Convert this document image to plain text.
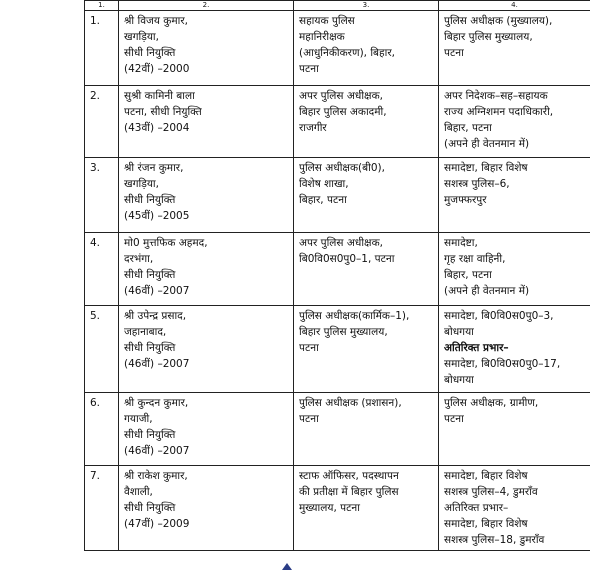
1.	2.	3.	4.
1.	श्री विजय कुमार,
खगड़िया,
सीधी नियुक्ति
(42वीं) –2000	सहायक पुलिस
महानिरीक्षक
(आधुनिकीकरण), बिहार,
पटना	पुलिस अधीक्षक (मुख्यालय),
बिहार पुलिस मुख्यालय,
पटना

2.	सुश्री कामिनी बाला
पटना, सीधी नियुक्ति
(43वीं) –2004	अपर पुलिस अधीक्षक,
बिहार पुलिस अकादमी,
राजगीर	अपर निदेशक–सह–सहायक
राज्य अग्निशमन पदाधिकारी,
बिहार, पटना
(अपने ही वेतनमान में)

3.	श्री रंजन कुमार,
खगड़िया,
सीधी नियुक्ति
(45वीं) –2005	पुलिस अधीक्षक(बी0),
विशेष शाखा,
बिहार, पटना	समादेष्टा, बिहार विशेष
सशस्त्र पुलिस–6,
मुजफ्फरपुर

4.	मो0 मुत्तफिक अहमद,
दरभंगा,
सीधी नियुक्ति
(46वीं) –2007	अपर पुलिस अधीक्षक,
बि0वि0स0पु0–1, पटना	समादेष्टा,
गृह रक्षा वाहिनी,
बिहार, पटना
(अपने ही वेतनमान में)

5.	श्री उपेन्द्र प्रसाद,
जहानाबाद,
सीधी नियुक्ति
(46वीं) –2007	पुलिस अधीक्षक(कार्मिक–1),
बिहार पुलिस मुख्यालय,
पटना	समादेष्टा, बि0वि0स0पु0–3,
बोधगया
अतिरिक्त प्रभार–
समादेष्टा, बि0वि0स0पु0–17,
बोधगया

6.	श्री कुन्दन कुमार,
गयाजी,
सीधी नियुक्ति
(46वीं) –2007	पुलिस अधीक्षक (प्रशासन),
पटना	पुलिस अधीक्षक, ग्रामीण,
पटना

7.	श्री राकेश कुमार,
वैशाली,
सीधी नियुक्ति
(47वीं) –2009	स्टाफ ऑफिसर, पदस्थापन
की प्रतीक्षा में बिहार पुलिस
मुख्यालय, पटना	समादेष्टा, बिहार विशेष
सशस्त्र पुलिस–4, डुमराँव
अतिरिक्त प्रभार–
समादेष्टा, बिहार विशेष
सशस्त्र पुलिस–18, डुमराँव
